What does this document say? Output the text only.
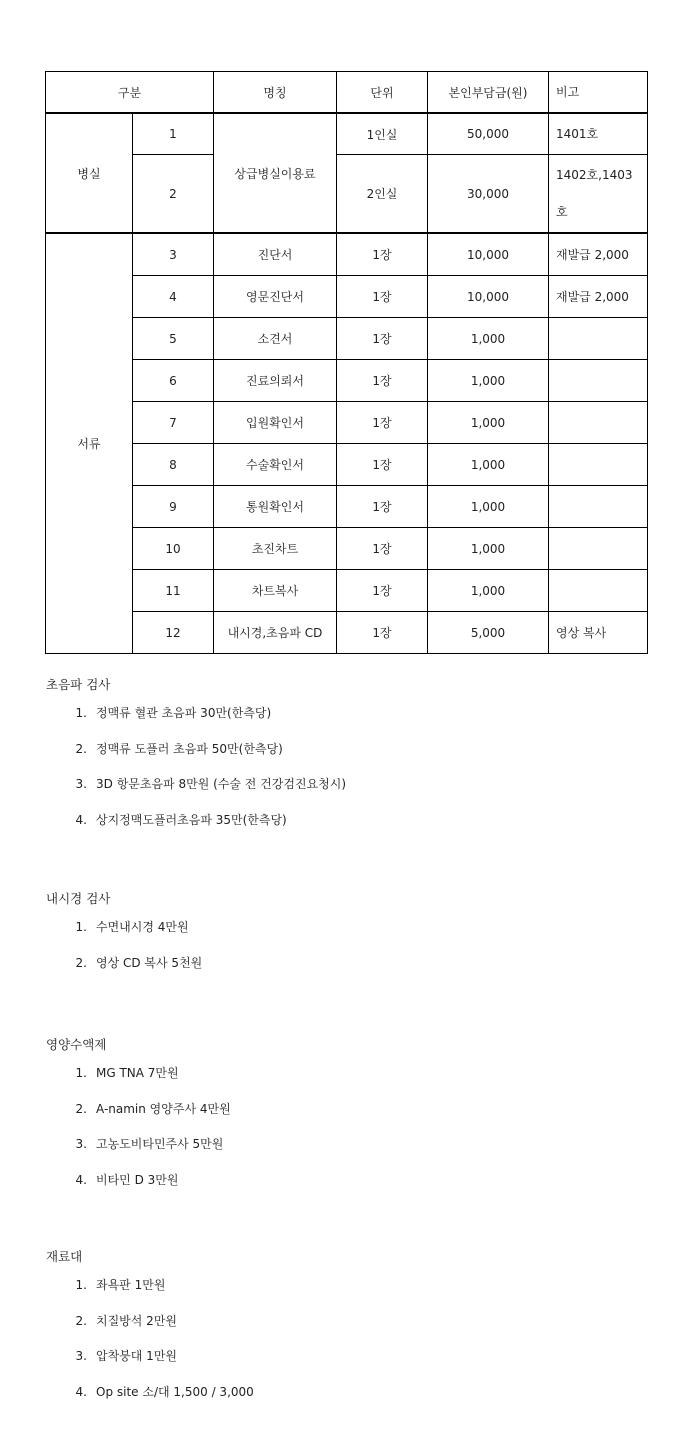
구분		명칭	단위	본인부담금(원)	비고
병실	1	상급병실이용료	1인실	50,000	1401호
	2		2인실	30,000	1402호,1403호

서류	3	진단서	1장	10,000	재발급 2,000
	4	영문진단서	1장	10,000	재발급 2,000
	5	소견서	1장	1,000	
	6	진료의뢰서	1장	1,000	
	7	입원확인서	1장	1,000	
	8	수술확인서	1장	1,000	
	9	통원확인서	1장	1,000	
	10	초진차트	1장	1,000	
	11	차트복사	1장	1,000	
	12	내시경,초음파 CD	1장	5,000	영상 복사

초음파 검사

1. 정맥류 혈관 초음파 30만(한측당)
2. 정맥류 도플러 초음파 50만(한측당)
3. 3D 항문초음파 8만원 (수술 전 건강검진요청시)
4. 상지정맥도플러초음파 35만(한측당)

내시경 검사

1. 수면내시경 4만원
2. 영상 CD 복사 5천원

영양수액제

1. MG TNA 7만원
2. A-namin 영양주사 4만원
3. 고농도비타민주사 5만원
4. 비타민 D 3만원

재료대

1. 좌욕판 1만원
2. 치질방석 2만원
3. 압착붕대 1만원
4. Op site 소/대 1,500 / 3,000
